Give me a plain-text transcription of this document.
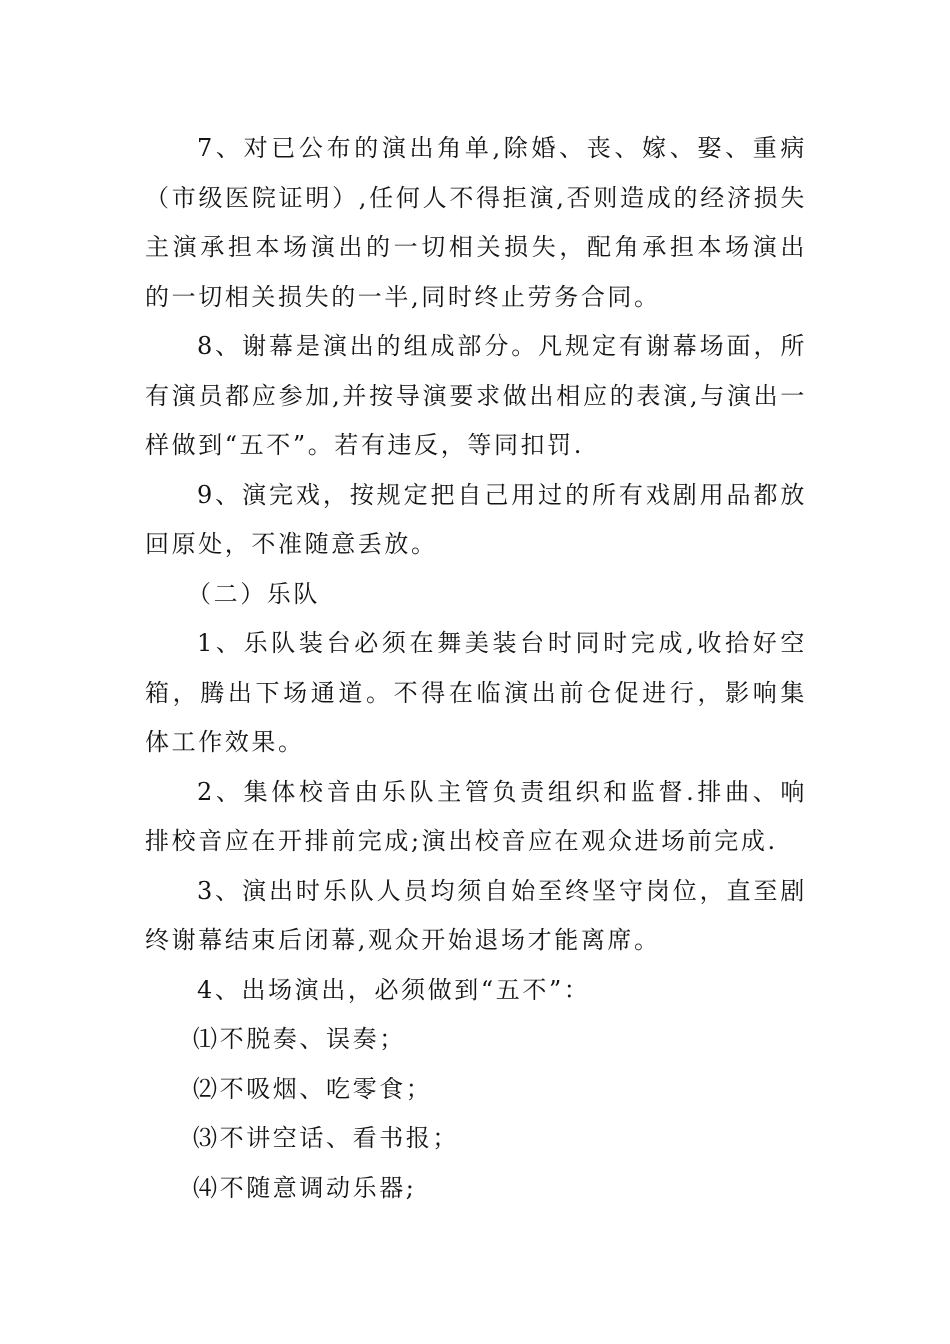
7、对已公布的演出角单,除婚、丧、嫁、娶、重病（市级医院证明）,任何人不得拒演,否则造成的经济损失主演承担本场演出的一切相关损失，配角承担本场演出的一切相关损失的一半,同时终止劳务合同。

8、谢幕是演出的组成部分。凡规定有谢幕场面，所有演员都应参加,并按导演要求做出相应的表演,与演出一样做到“五不”。若有违反，等同扣罚.

9、演完戏，按规定把自己用过的所有戏剧用品都放回原处，不准随意丢放。

（二）乐队

1、乐队装台必须在舞美装台时同时完成,收拾好空箱，腾出下场通道。不得在临演出前仓促进行，影响集体工作效果。

2、集体校音由乐队主管负责组织和监督.排曲、响排校音应在开排前完成;演出校音应在观众进场前完成.

3、演出时乐队人员均须自始至终坚守岗位，直至剧终谢幕结束后闭幕,观众开始退场才能离席。

4、出场演出，必须做到“五不”：

⑴不脱奏、误奏；

⑵不吸烟、吃零食；

⑶不讲空话、看书报；

⑷不随意调动乐器;
